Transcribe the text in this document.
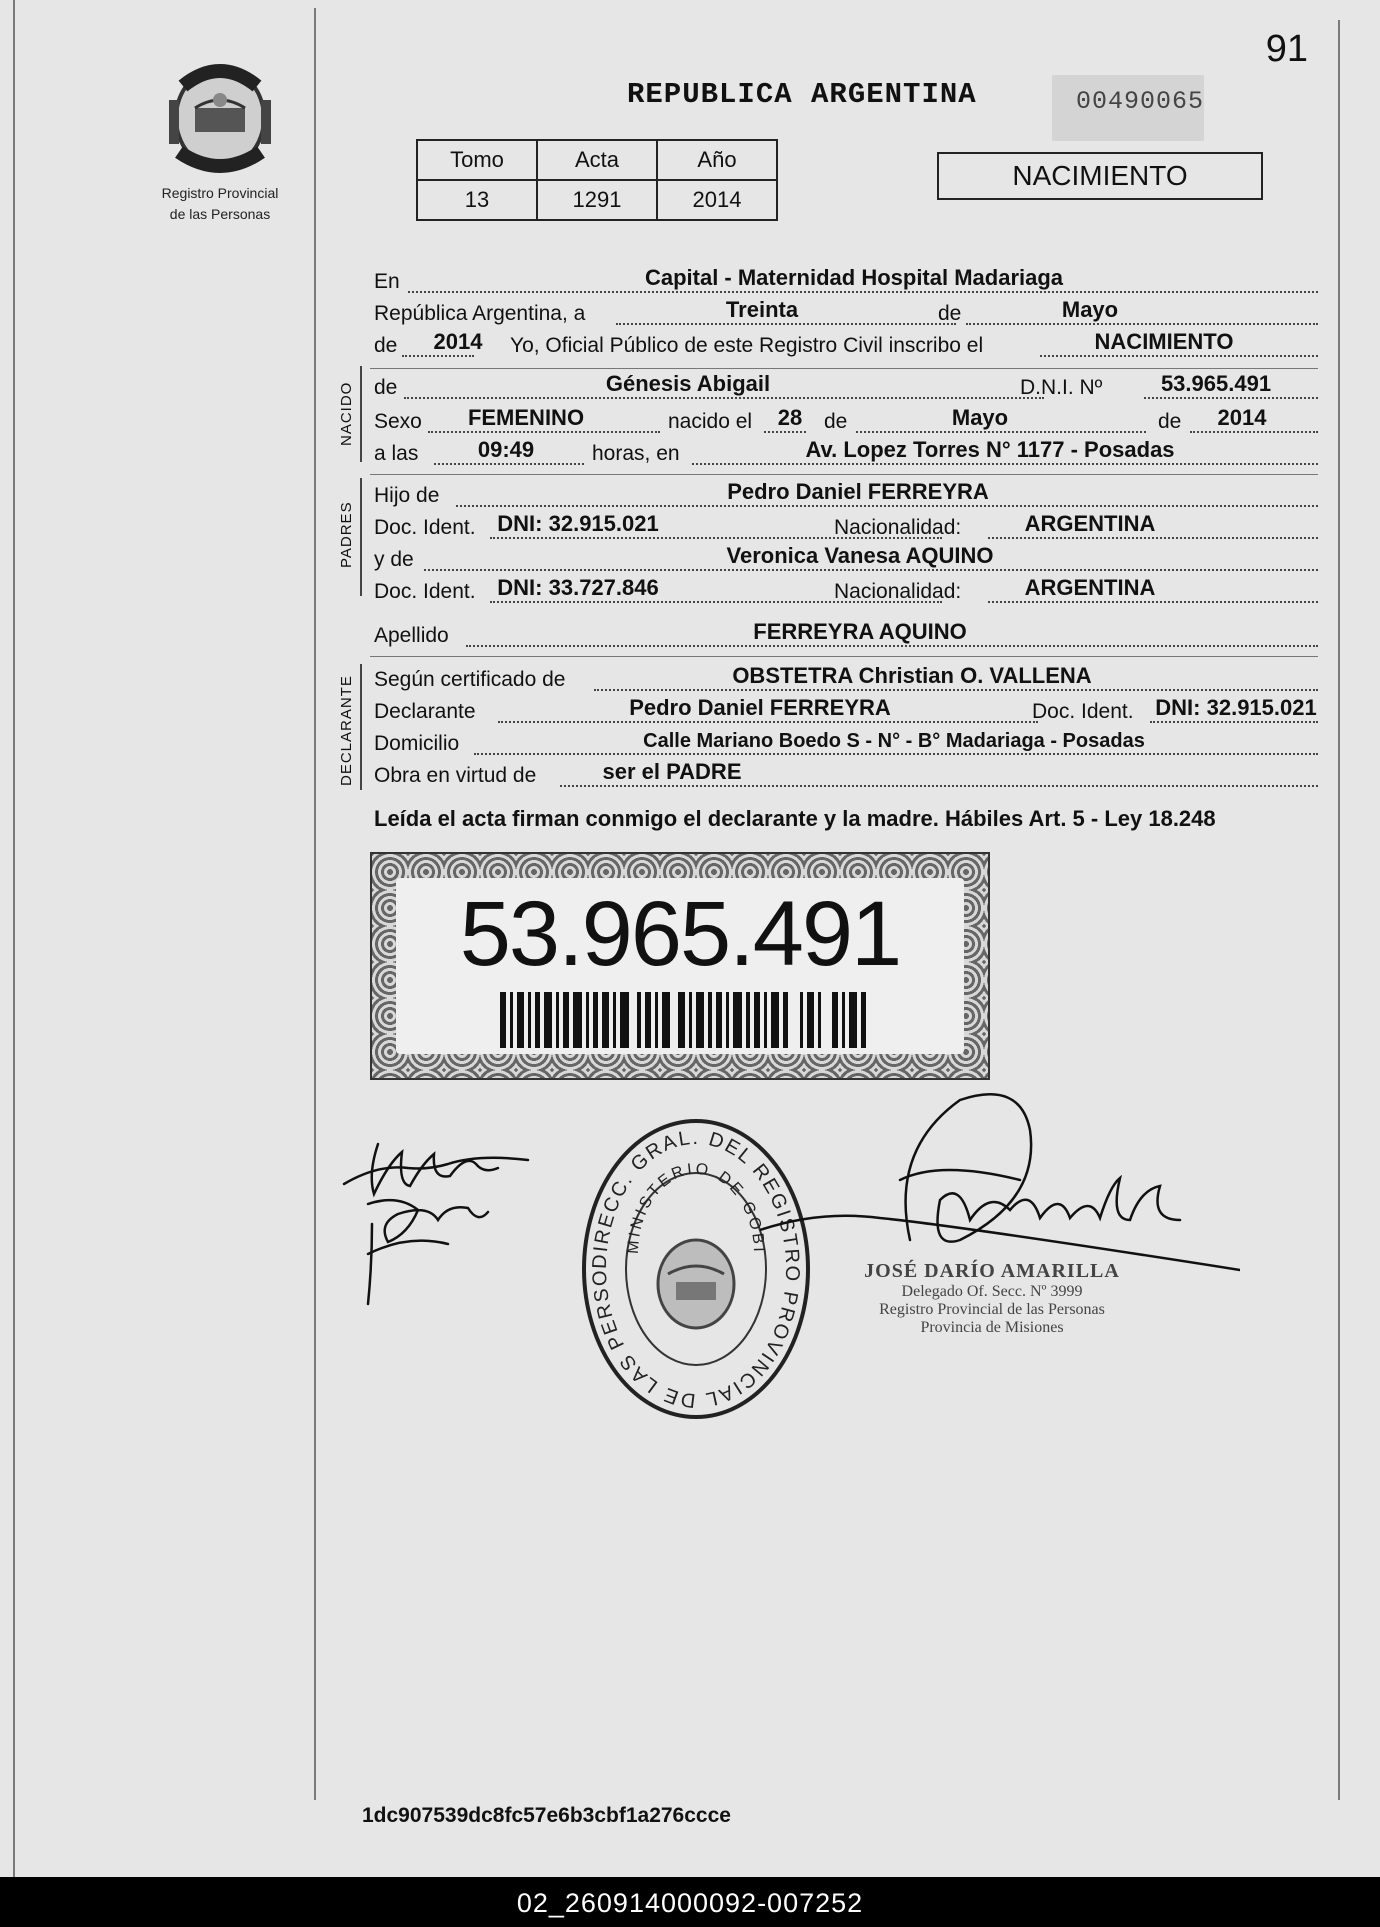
Registro Provincial
de las Personas
91
REPUBLICA ARGENTINA	00490065
Tomo	Acta	Año
13	1291	2014
NACIMIENTO
NACIDO
PADRES
DECLARANTE
En	Capital - Maternidad Hospital Madariaga
República Argentina, a	Treinta	de	Mayo
de 2014 Yo, Oficial Público de este Registro Civil inscribo el	NACIMIENTO
de	Génesis Abigail	D.N.I. Nº	53.965.491
Sexo FEMENINO	nacido el 28 de	Mayo	de 2014
a las	09:49	horas, en	Av. Lopez Torres N° 1177 - Posadas
Hijo de	Pedro Daniel FERREYRA
Doc. Ident. DNI: 32.915.021	Nacionalidad:	ARGENTINA
y de	Veronica Vanesa AQUINO
Doc. Ident. DNI: 33.727.846	Nacionalidad:	ARGENTINA
Apellido	FERREYRA AQUINO
Según certificado de	OBSTETRA Christian O. VALLENA
Declarante	Pedro Daniel FERREYRA	Doc. Ident. DNI: 32.915.021
Domicilio	Calle Mariano Boedo S - N° - B° Madariaga - Posadas
Obra en virtud de	ser el PADRE
Leída el acta firman conmigo el declarante y la madre. Hábiles Art. 5 - Ley 18.248
53.965.491
DIRECC. GRAL. DEL REGISTRO PROVINCIAL DE LAS PERSO
MINISTERIO DE GOBI
JOSÉ DARÍO AMARILLA
Delegado Of. Secc. Nº 3999
Registro Provincial de las Personas
Provincia de Misiones
1dc907539dc8fc57e6b3cbf1a276ccce
02_260914000092-007252
